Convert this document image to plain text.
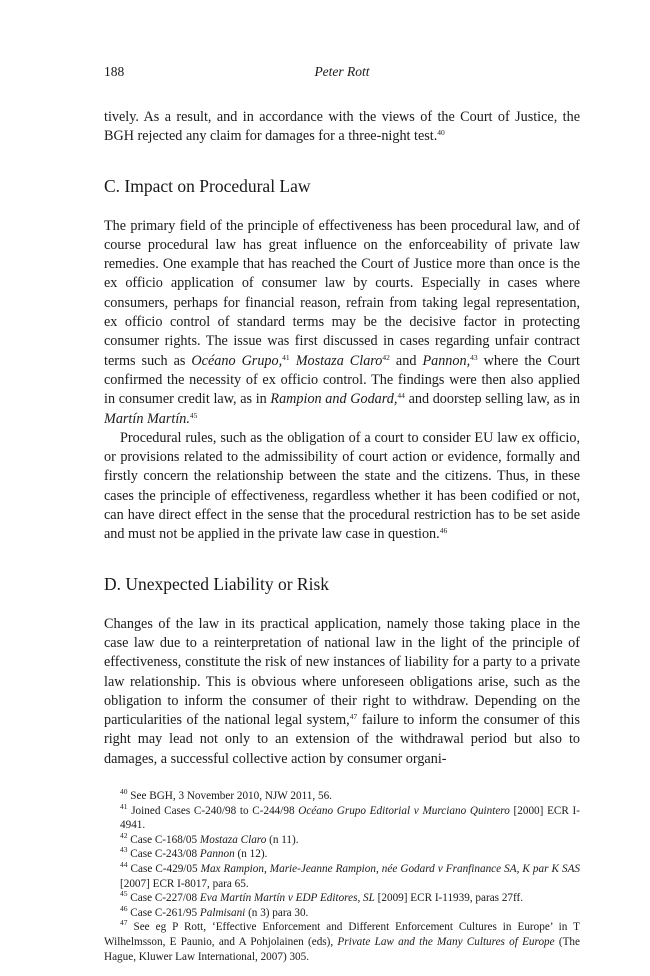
188	Peter Rott

tively. As a result, and in accordance with the views of the Court of Justice, the BGH rejected any claim for damages for a three-night test.$^{40}$

C. Impact on Procedural Law

The primary field of the principle of effectiveness has been procedural law, and of course procedural law has great influence on the enforceability of private law remedies. One example that has reached the Court of Justice more than once is the ex officio application of consumer law by courts. Especially in cases where consumers, perhaps for financial reason, refrain from taking legal representation, ex officio control of standard terms may be the decisive factor in protecting consumer rights. The issue was first discussed in cases regarding unfair contract terms such as Océano Grupo,$^{41}$ Mostaza Claro$^{42}$ and Pannon,$^{43}$ where the Court confirmed the necessity of ex officio control. The findings were then also applied in consumer credit law, as in Rampion and Godard,$^{44}$ and doorstep selling law, as in Martín Martín.$^{45}$

Procedural rules, such as the obligation of a court to consider EU law ex officio, or provisions related to the admissibility of court action or evidence, formally and firstly concern the relationship between the state and the citizens. Thus, in these cases the principle of effectiveness, regardless whether it has been codified or not, can have direct effect in the sense that the procedural restriction has to be set aside and must not be applied in the private law case in question.$^{46}$

D. Unexpected Liability or Risk

Changes of the law in its practical application, namely those taking place in the case law due to a reinterpretation of national law in the light of the principle of effectiveness, constitute the risk of new instances of liability for a party to a private law relationship. This is obvious where unforeseen obligations arise, such as the obligation to inform the consumer of their right to withdraw. Depending on the particularities of the national legal system,$^{47}$ failure to inform the consumer of this right may lead not only to an extension of the withdrawal period but also to damages, a successful collective action by consumer organi-

$^{40}$ See BGH, 3 November 2010, NJW 2011, 56.
$^{41}$ Joined Cases C-240/98 to C-244/98 Océano Grupo Editorial v Murciano Quintero [2000] ECR I-4941.
$^{42}$ Case C-168/05 Mostaza Claro (n 11).
$^{43}$ Case C-243/08 Pannon (n 12).
$^{44}$ Case C-429/05 Max Rampion, Marie-Jeanne Rampion, née Godard v Franfinance SA, K par K SAS [2007] ECR I-8017, para 65.
$^{45}$ Case C-227/08 Eva Martín Martín v EDP Editores, SL [2009] ECR I-11939, paras 27ff.
$^{46}$ Case C-261/95 Palmisani (n 3) para 30.
$^{47}$ See eg P Rott, ‘Effective Enforcement and Different Enforcement Cultures in Europe’ in T Wilhelmsson, E Paunio, and A Pohjolainen (eds), Private Law and the Many Cultures of Europe (The Hague, Kluwer Law International, 2007) 305.
